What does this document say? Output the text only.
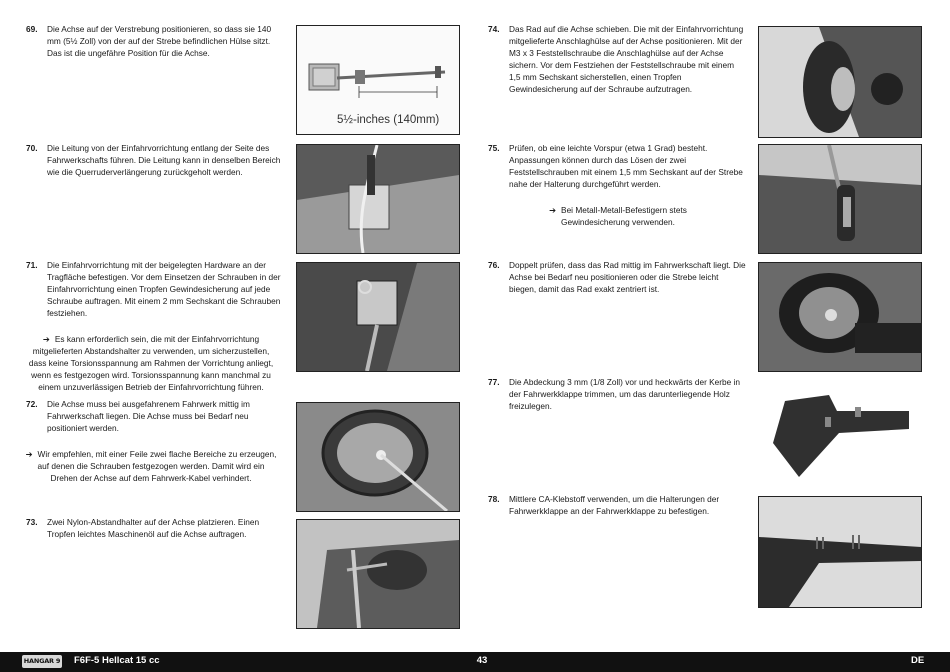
69. Die Achse auf der Verstrebung positionieren, so dass sie 140 mm (5½ Zoll) von der auf der Strebe befindlichen Hülse sitzt. Das ist die ungefähre Position für die Achse.
5½-inches (140mm)
70. Die Leitung von der Einfahrvorrichtung entlang der Seite des Fahrwerkschafts führen. Die Leitung kann in denselben Bereich wie die Querruderverlängerung zurückgeholt werden.
71. Die Einfahrvorrichtung mit der beigelegten Hardware an der Tragfläche befestigen. Vor dem Einsetzen der Schrauben in der Einfahrvorrichtung einen Tropfen Gewindesicherung auf jede Schraube auftragen. Mit einem 2 mm Sechskant die Schrauben festziehen.
➔ Es kann erforderlich sein, die mit der Einfahrvorrichtung mitgelieferten Abstandshalter zu verwenden, um sicherzustellen, dass keine Torsionsspannung am Rahmen der Vorrichtung anliegt, wenn es festgezogen wird. Torsionsspannung kann manchmal zu einem unzuverlässigen Betrieb der Einfahrvorrichtung führen.
72. Die Achse muss bei ausgefahrenem Fahrwerk mittig im Fahrwerkschaft liegen. Die Achse muss bei Bedarf neu positioniert werden.
➔ Wir empfehlen, mit einer Feile zwei flache Bereiche zu erzeugen, auf denen die Schrauben festgezogen werden. Damit wird ein Drehen der Achse auf dem Fahrwerk-Kabel verhindert.
73. Zwei Nylon-Abstandhalter auf der Achse platzieren. Einen Tropfen leichtes Maschinenöl auf die Achse auftragen.
74. Das Rad auf die Achse schieben. Die mit der Einfahrvorrichtung mitgelieferte Anschlaghülse auf der Achse positionieren. Mit der M3 x 3 Feststellschraube die Anschlaghülse auf der Achse sichern. Vor dem Festziehen der Feststellschraube mit einem 1,5 mm Sechskant sicherstellen, einen Tropfen Gewindesicherung auf der Schraube aufzutragen.
75. Prüfen, ob eine leichte Vorspur (etwa 1 Grad) besteht. Anpassungen können durch das Lösen der zwei Feststellschrauben mit einem 1,5 mm Sechskant auf der Strebe nahe der Halterung durchgeführt werden.
➔ Bei Metall-Metall-Befestigern stets Gewindesicherung verwenden.
76. Doppelt prüfen, dass das Rad mittig im Fahrwerkschaft liegt. Die Achse bei Bedarf neu positionieren oder die Strebe leicht biegen, damit das Rad exakt zentriert ist.
77. Die Abdeckung 3 mm (1/8 Zoll) vor und heckwärts der Kerbe in der Fahrwerkklappe trimmen, um das darunterliegende Holz freizulegen.
78. Mittlere CA-Klebstoff verwenden, um die Halterungen der Fahrwerkklappe an der Fahrwerkklappe zu befestigen.
HANGAR 9 F6F-5 Hellcat 15 cc	43	DE
